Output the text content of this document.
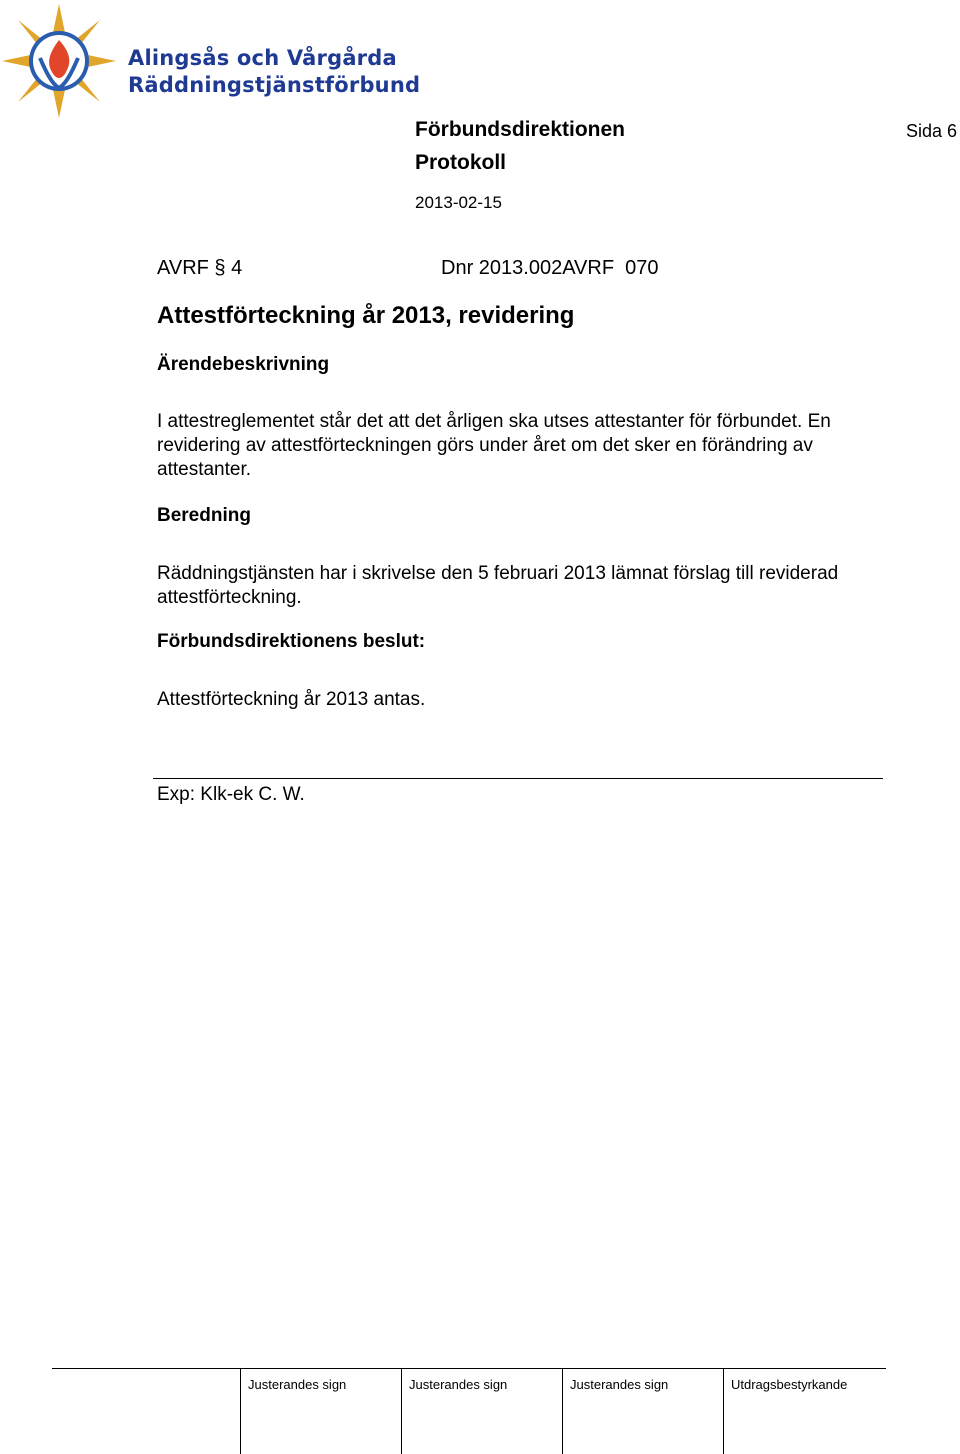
Alingsås och Vårgårda
Räddningstjänstförbund
Förbundsdirektionen
Protokoll
2013-02-15
Sida 6
AVRF § 4	Dnr 2013.002AVRF  070
Attestförteckning år 2013, revidering
Ärendebeskrivning
I attestreglementet står det att det årligen ska utses attestanter för förbundet. En revidering av attestförteckningen görs under året om det sker en förändring av attestanter.
Beredning
Räddningstjänsten har i skrivelse den 5 februari 2013 lämnat förslag till reviderad attestförteckning.
Förbundsdirektionens beslut:
Attestförteckning år 2013 antas.
Exp: Klk-ek C. W.
Justerandes sign	Justerandes sign	Justerandes sign	Utdragsbestyrkande
